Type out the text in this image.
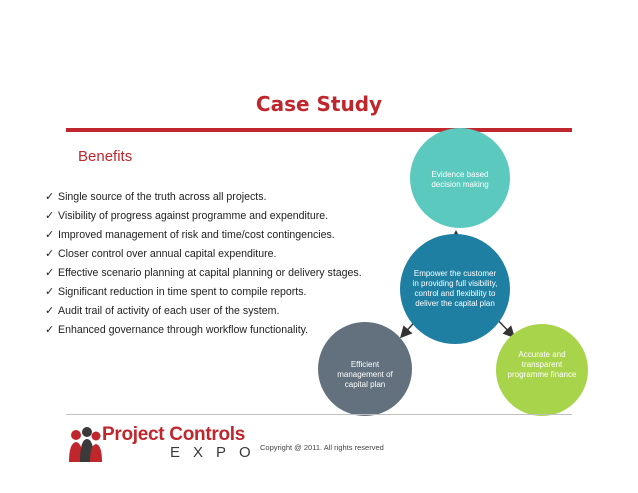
Case Study
Benefits
✓ Single source of the truth across all projects.
✓ Visibility of progress against programme and expenditure.
✓ Improved management of risk and time/cost contingencies.
✓ Closer control over annual capital expenditure.
✓ Effective scenario planning at capital planning or delivery stages.
✓ Significant reduction in time spent to compile reports.
✓ Audit trail of activity of each user of the system.
✓ Enhanced governance through workflow functionality.
Evidence based decision making
Empower the customer in providing full visibility, control and flexibility to deliver the capital plan
Efficient management of capital plan
Accurate and transparent programme finance
Project Controls
EXPO
Copyright @ 2011. All rights reserved
